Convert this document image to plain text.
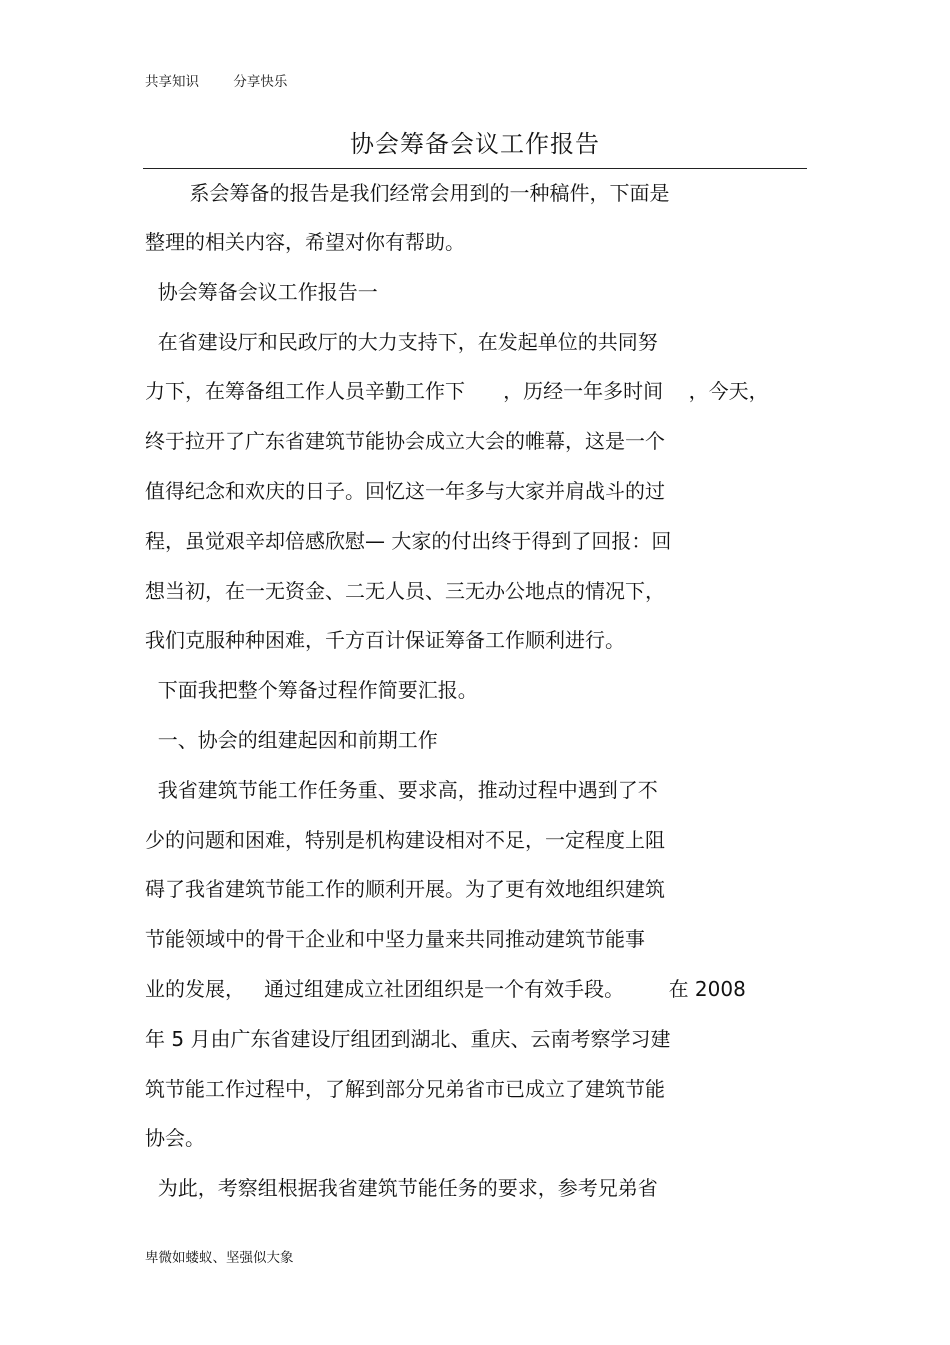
共享知识        分享快乐
协会筹备会议工作报告
系会筹备的报告是我们经常会用到的一种稿件，下面是
整理的相关内容，希望对你有帮助。
协会筹备会议工作报告一
在省建设厅和民政厅的大力支持下，在发起单位的共同努
力下，在筹备组工作人员辛勤工作下      ，历经一年多时间    ，今天，
终于拉开了广东省建筑节能协会成立大会的帷幕，这是一个
值得纪念和欢庆的日子。回忆这一年多与大家并肩战斗的过
程，虽觉艰辛却倍感欣慰— 大家的付出终于得到了回报：回
想当初，在一无资金、二无人员、三无办公地点的情况下，
我们克服种种困难，千方百计保证筹备工作顺利进行。
下面我把整个筹备过程作简要汇报。
一、协会的组建起因和前期工作
我省建筑节能工作任务重、要求高，推动过程中遇到了不
少的问题和困难，特别是机构建设相对不足，一定程度上阻
碍了我省建筑节能工作的顺利开展。为了更有效地组织建筑
节能领域中的骨干企业和中坚力量来共同推动建筑节能事
业的发展，   通过组建成立社团组织是一个有效手段。       在 2008
年 5 月由广东省建设厅组团到湖北、重庆、云南考察学习建
筑节能工作过程中，了解到部分兄弟省市已成立了建筑节能
协会。
为此，考察组根据我省建筑节能任务的要求，参考兄弟省
卑微如蝼蚁、坚强似大象
